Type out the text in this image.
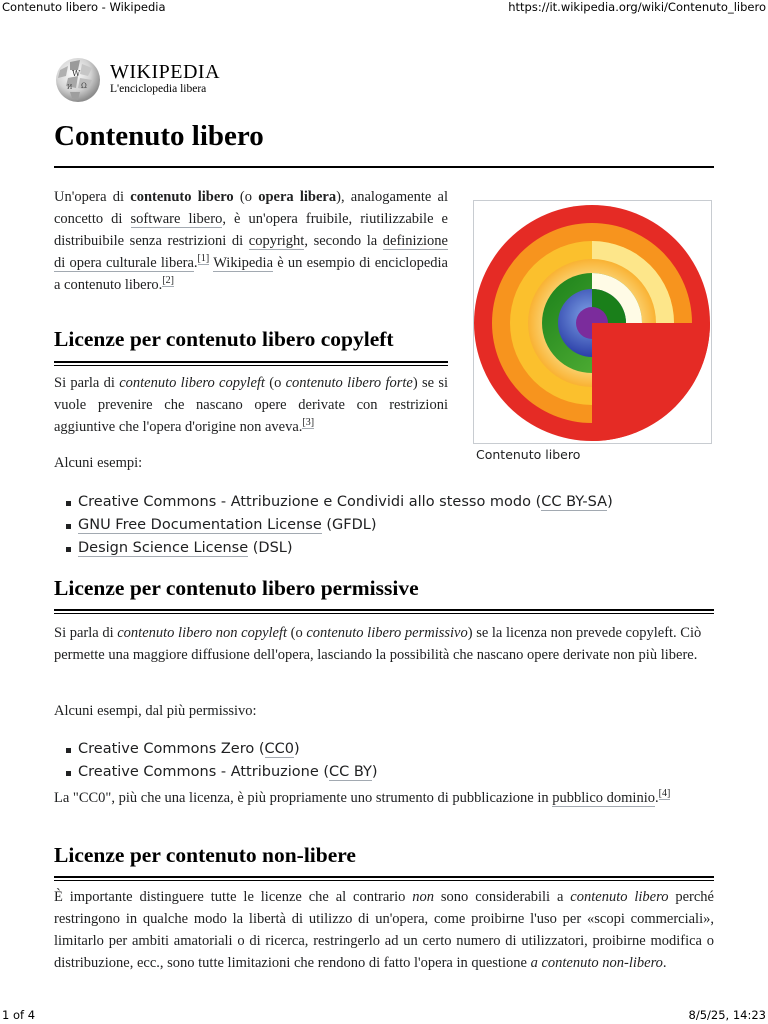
Contenuto libero - Wikipedia	https://it.wikipedia.org/wiki/Contenuto_libero
W
Ω
И
WIKIPEDIA
L'enciclopedia libera
Contenuto libero

Un'opera di contenuto libero (o opera libera), analogamente al concetto di software libero, è un'opera fruibile, riutilizzabile e distribuibile senza restrizioni di copyright, secondo la definizione di opera culturale libera.[1] Wikipedia è un esempio di enciclopedia a contenuto libero.[2]

Contenuto libero
Licenze per contenuto libero copyleft

Si parla di contenuto libero copyleft (o contenuto libero forte) se si vuole prevenire che nascano opere derivate con restrizioni aggiuntive che l'opera d'origine non aveva.[3]

Alcuni esempi:

Creative Commons - Attribuzione e Condividi allo stesso modo (CC BY-SA)
GNU Free Documentation License (GFDL)
Design Science License (DSL)
Licenze per contenuto libero permissive

Si parla di contenuto libero non copyleft (o contenuto libero permissivo) se la licenza non prevede copyleft. Ciò permette una maggiore diffusione dell'opera, lasciando la possibilità che nascano opere derivate non più libere.

Alcuni esempi, dal più permissivo:

Creative Commons Zero (CC0)
Creative Commons - Attribuzione (CC BY)

La "CC0", più che una licenza, è più propriamente uno strumento di pubblicazione in pubblico dominio.[4]

Licenze per contenuto non-libere

È importante distinguere tutte le licenze che al contrario non sono considerabili a contenuto libero perché restringono in qualche modo la libertà di utilizzo di un'opera, come proibirne l'uso per «scopi commerciali», limitarlo per ambiti amatoriali o di ricerca, restringerlo ad un certo numero di utilizzatori, proibirne modifica o distribuzione, ecc., sono tutte limitazioni che rendono di fatto l'opera in questione a contenuto non-libero.

1 of 4	8/5/25, 14:23
